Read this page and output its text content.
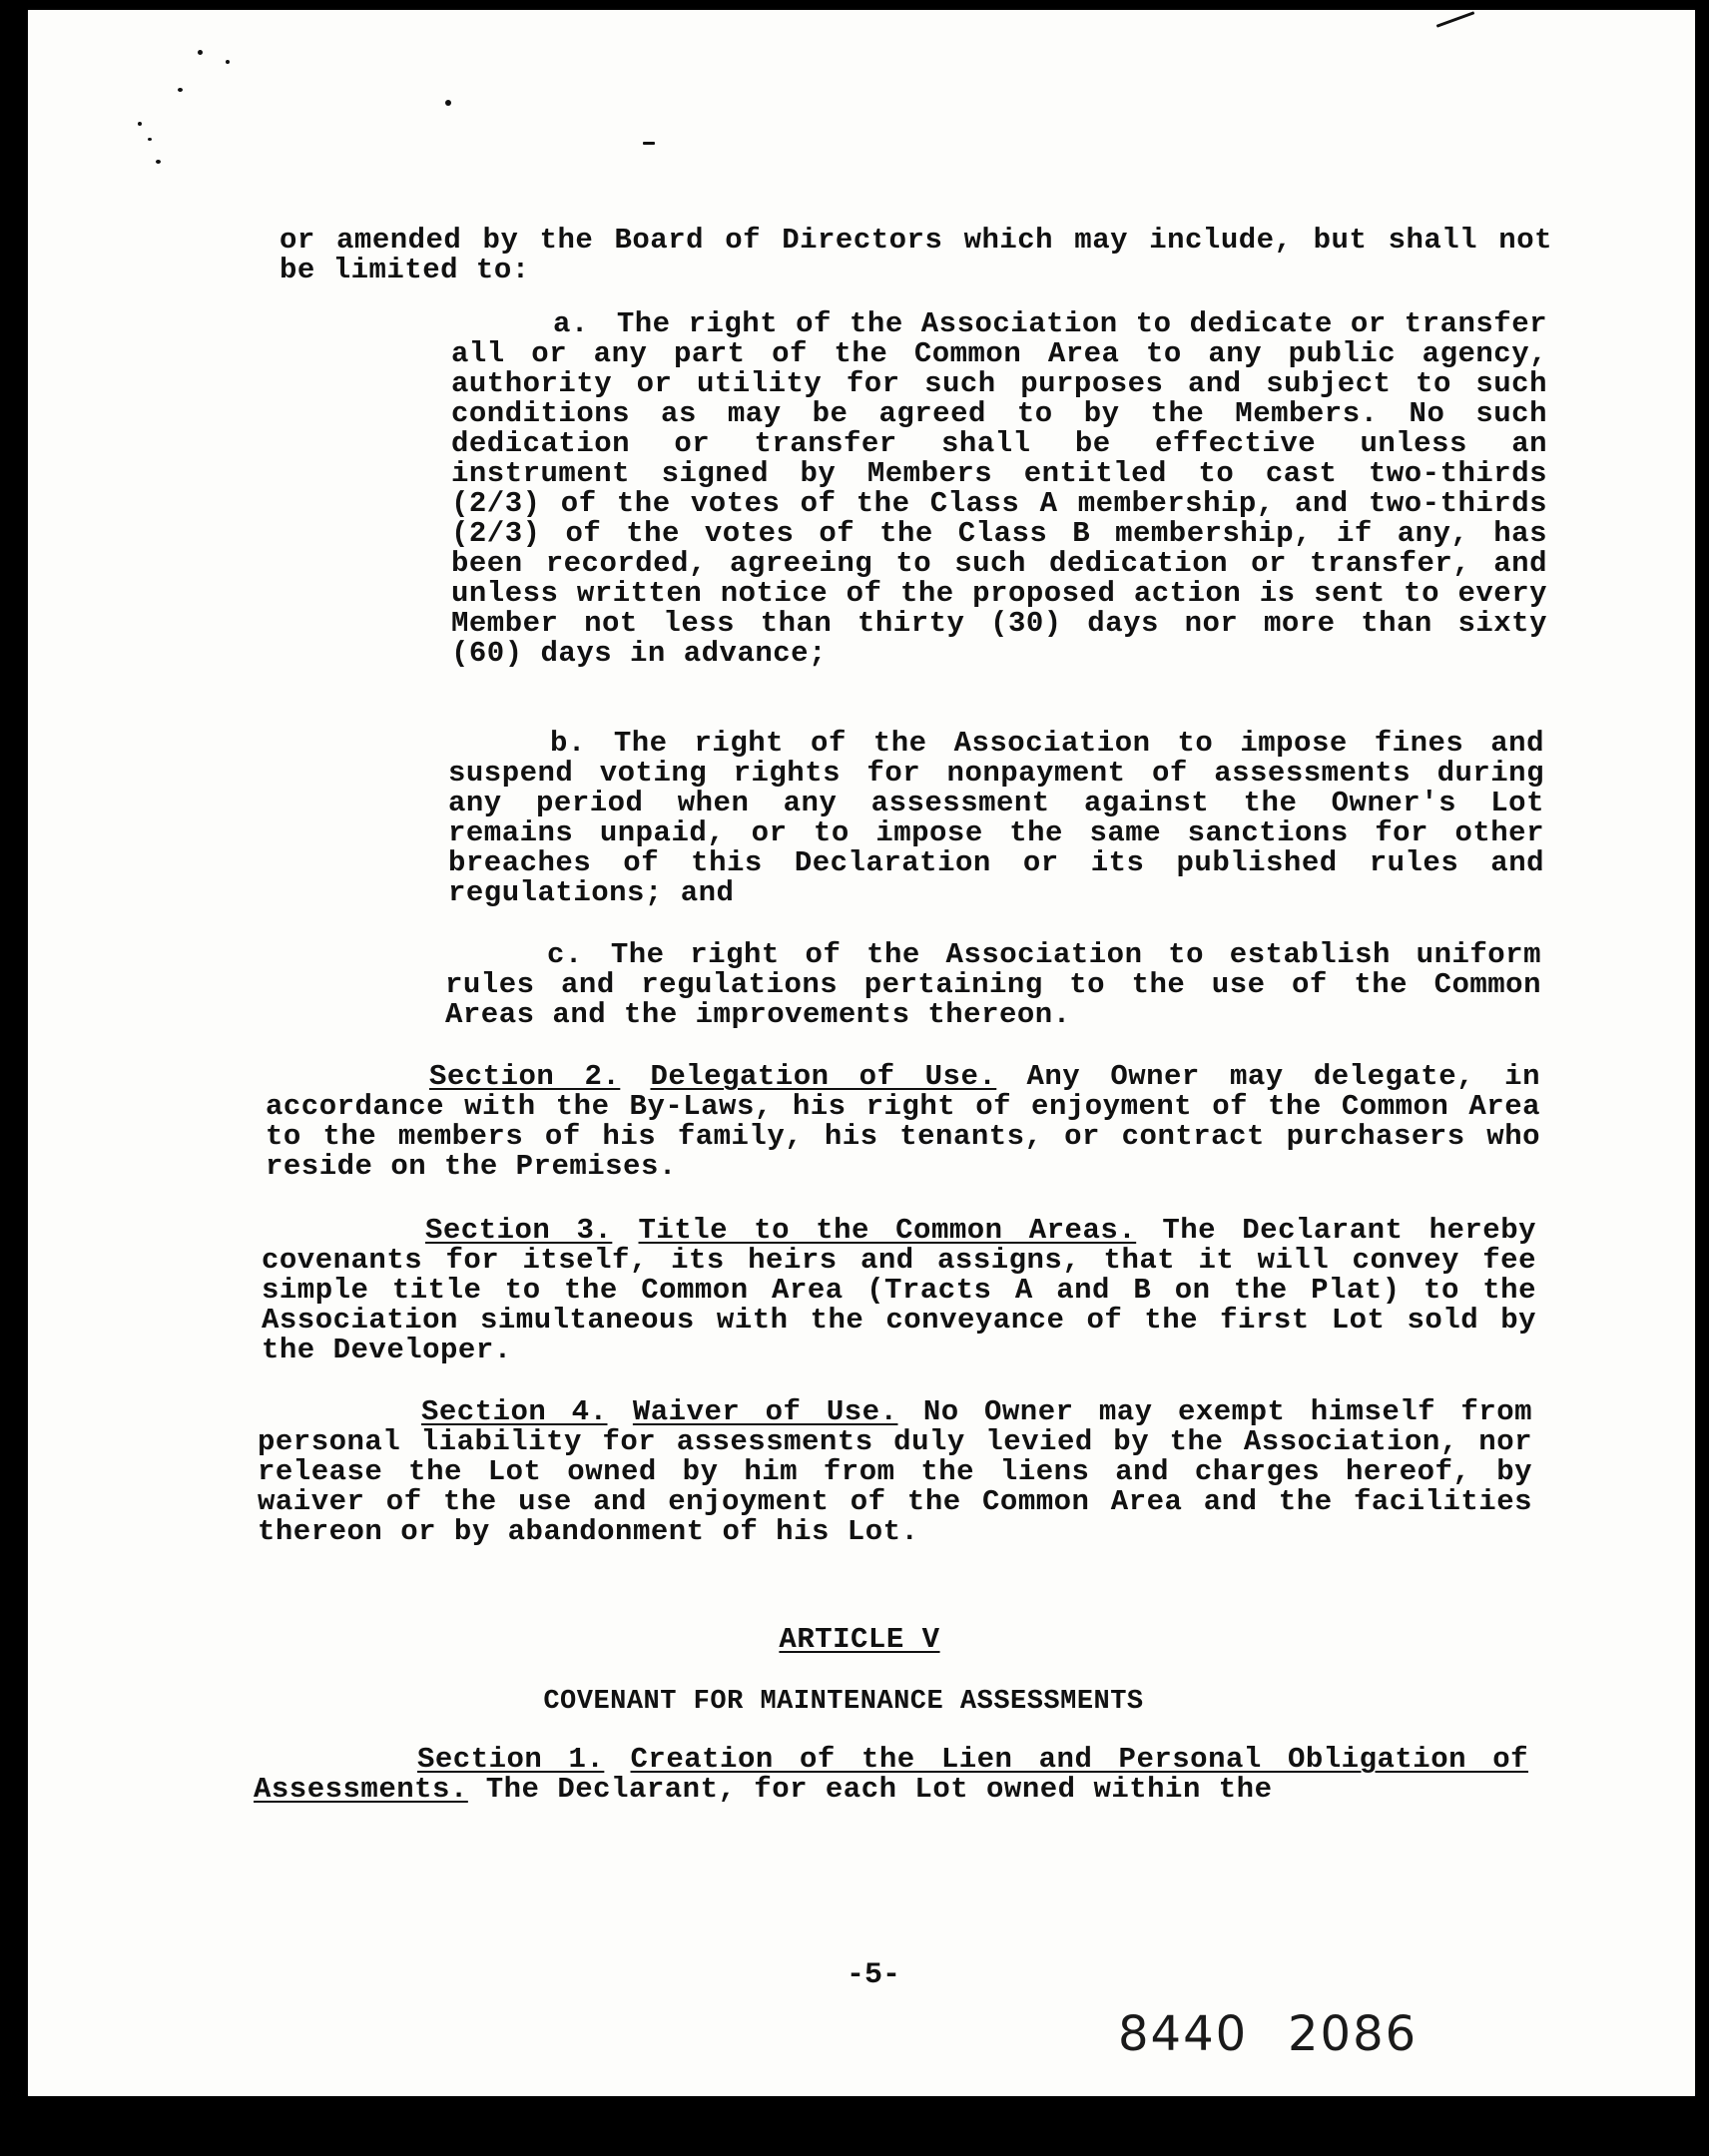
or amended by the Board of Directors which may include, but shall not be limited to:
a. The right of the Association to dedicate or transfer all or any part of the Common Area to any public agency, authority or utility for such purposes and subject to such conditions as may be agreed to by the Members. No such dedication or transfer shall be effective unless an instrument signed by Members entitled to cast two-thirds (2/3) of the votes of the Class A membership, and two-thirds (2/3) of the votes of the Class B membership, if any, has been recorded, agreeing to such dedication or transfer, and unless written notice of the proposed action is sent to every Member not less than thirty (30) days nor more than sixty (60) days in advance;
b. The right of the Association to impose fines and suspend voting rights for nonpayment of assessments during any period when any assessment against the Owner's Lot remains unpaid, or to impose the same sanctions for other breaches of this Declaration or its published rules and regulations; and
c. The right of the Association to establish uniform rules and regulations pertaining to the use of the Common Areas and the improvements thereon.
Section 2. Delegation of Use. Any Owner may delegate, in accordance with the By-Laws, his right of enjoyment of the Common Area to the members of his family, his tenants, or contract purchasers who reside on the Premises.
Section 3. Title to the Common Areas. The Declarant hereby covenants for itself, its heirs and assigns, that it will convey fee simple title to the Common Area (Tracts A and B on the Plat) to the Association simultaneous with the conveyance of the first Lot sold by the Developer.
Section 4. Waiver of Use. No Owner may exempt himself from personal liability for assessments duly levied by the Association, nor release the Lot owned by him from the liens and charges hereof, by waiver of the use and enjoyment of the Common Area and the facilities thereon or by abandonment of his Lot.
ARTICLE V
COVENANT FOR MAINTENANCE ASSESSMENTS
Section 1. Creation of the Lien and Personal Obligation of Assessments. The Declarant, for each Lot owned within the
-5-
8440 2086
